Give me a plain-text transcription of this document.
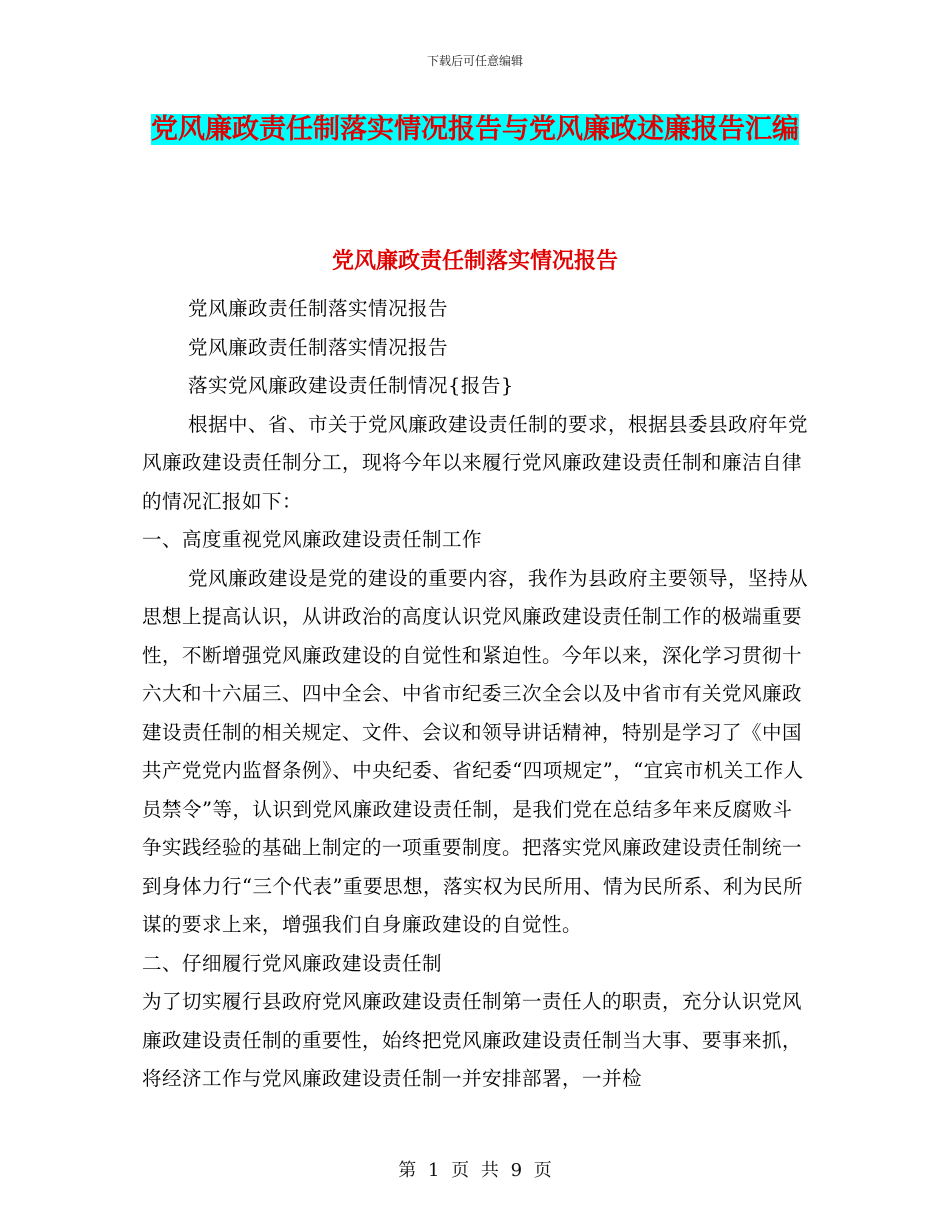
下载后可任意编辑
党风廉政责任制落实情况报告与党风廉政述廉报告汇编
党风廉政责任制落实情况报告

党风廉政责任制落实情况报告

党风廉政责任制落实情况报告

落实党风廉政建设责任制情况{报告}

根据中、省、市关于党风廉政建设责任制的要求，根据县委县政府年党风廉政建设责任制分工，现将今年以来履行党风廉政建设责任制和廉洁自律的情况汇报如下：

一、高度重视党风廉政建设责任制工作

党风廉政建设是党的建设的重要内容，我作为县政府主要领导，坚持从思想上提高认识，从讲政治的高度认识党风廉政建设责任制工作的极端重要性，不断增强党风廉政建设的自觉性和紧迫性。今年以来，深化学习贯彻十六大和十六届三、四中全会、中省市纪委三次全会以及中省市有关党风廉政建设责任制的相关规定、文件、会议和领导讲话精神，特别是学习了《中国共产党党内监督条例》、中央纪委、省纪委“四项规定”，“宜宾市机关工作人员禁令”等，认识到党风廉政建设责任制，是我们党在总结多年来反腐败斗争实践经验的基础上制定的一项重要制度。把落实党风廉政建设责任制统一到身体力行“三个代表”重要思想，落实权为民所用、情为民所系、利为民所谋的要求上来，增强我们自身廉政建设的自觉性。

二、仔细履行党风廉政建设责任制

为了切实履行县政府党风廉政建设责任制第一责任人的职责，充分认识党风廉政建设责任制的重要性，始终把党风廉政建设责任制当大事、要事来抓，将经济工作与党风廉政建设责任制一并安排部署，一并检

第 1 页 共 9 页
